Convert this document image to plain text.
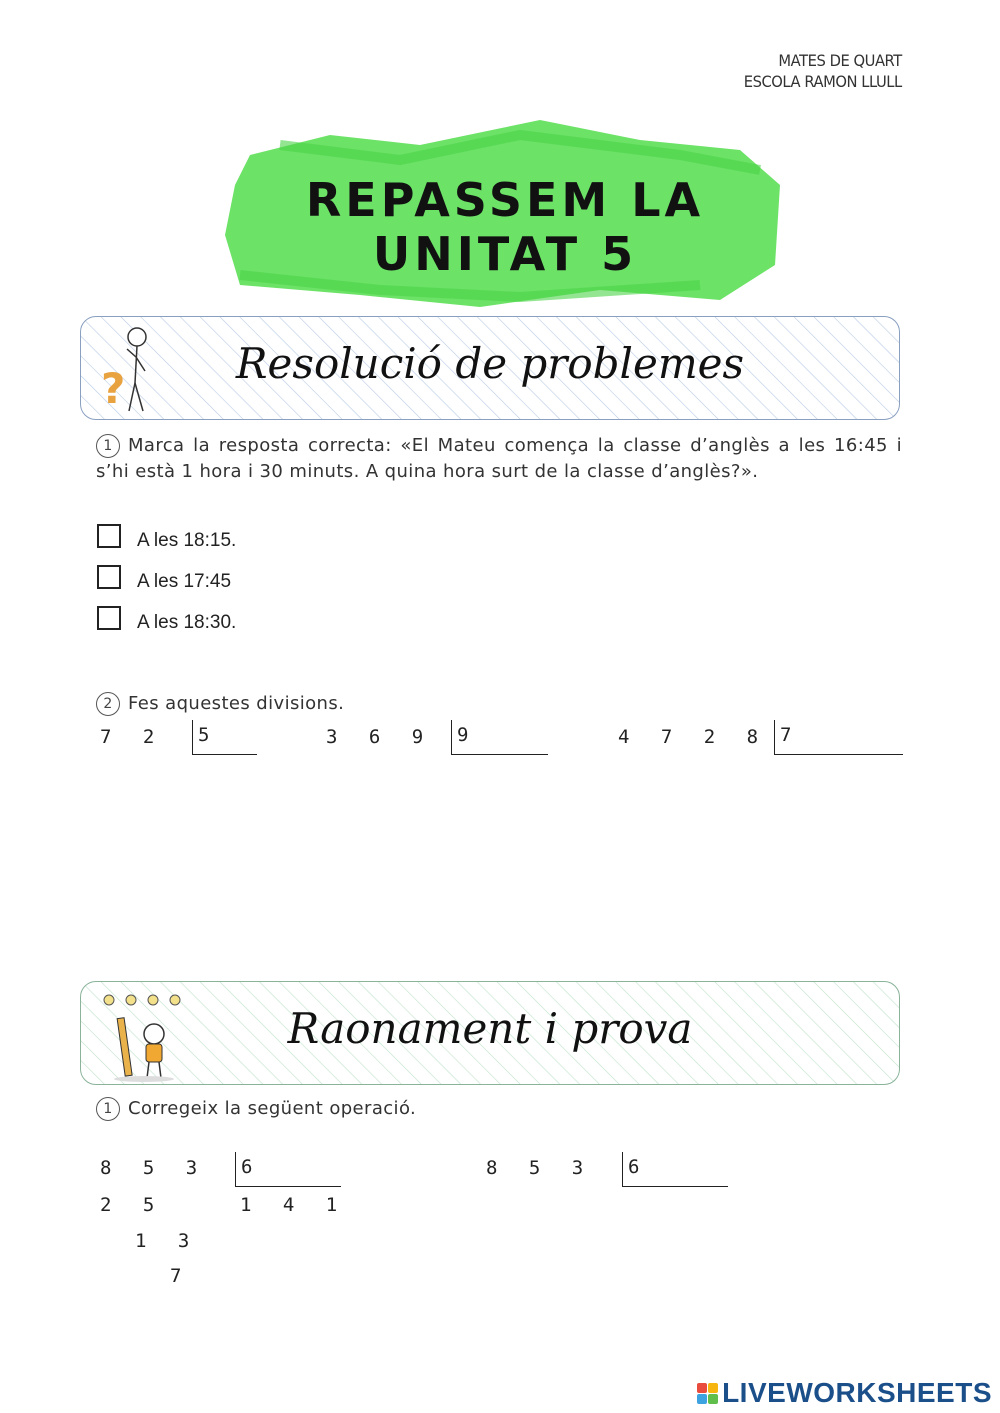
MATES DE QUART
ESCOLA RAMON LLULL
REPASSEM LA
UNITAT 5
?
Resolució de problemes
1 Marca la resposta correcta: «El Mateu comença la classe d’anglès a les 16:45 i s’hi està 1 hora i 30 minuts. A quina hora surt de la classe d’anglès?».
A les 18:15.
A les 17:45
A les 18:30.
2 Fes aquestes divisions.
7 2 5	3 6 9 9	4 7 2 8 7
Raonament i prova
1 Corregeix la següent operació.
8 5 3 6
1 4 1
2 5
1 3
7
8 5 3 6
LIVEWORKSHEETS
